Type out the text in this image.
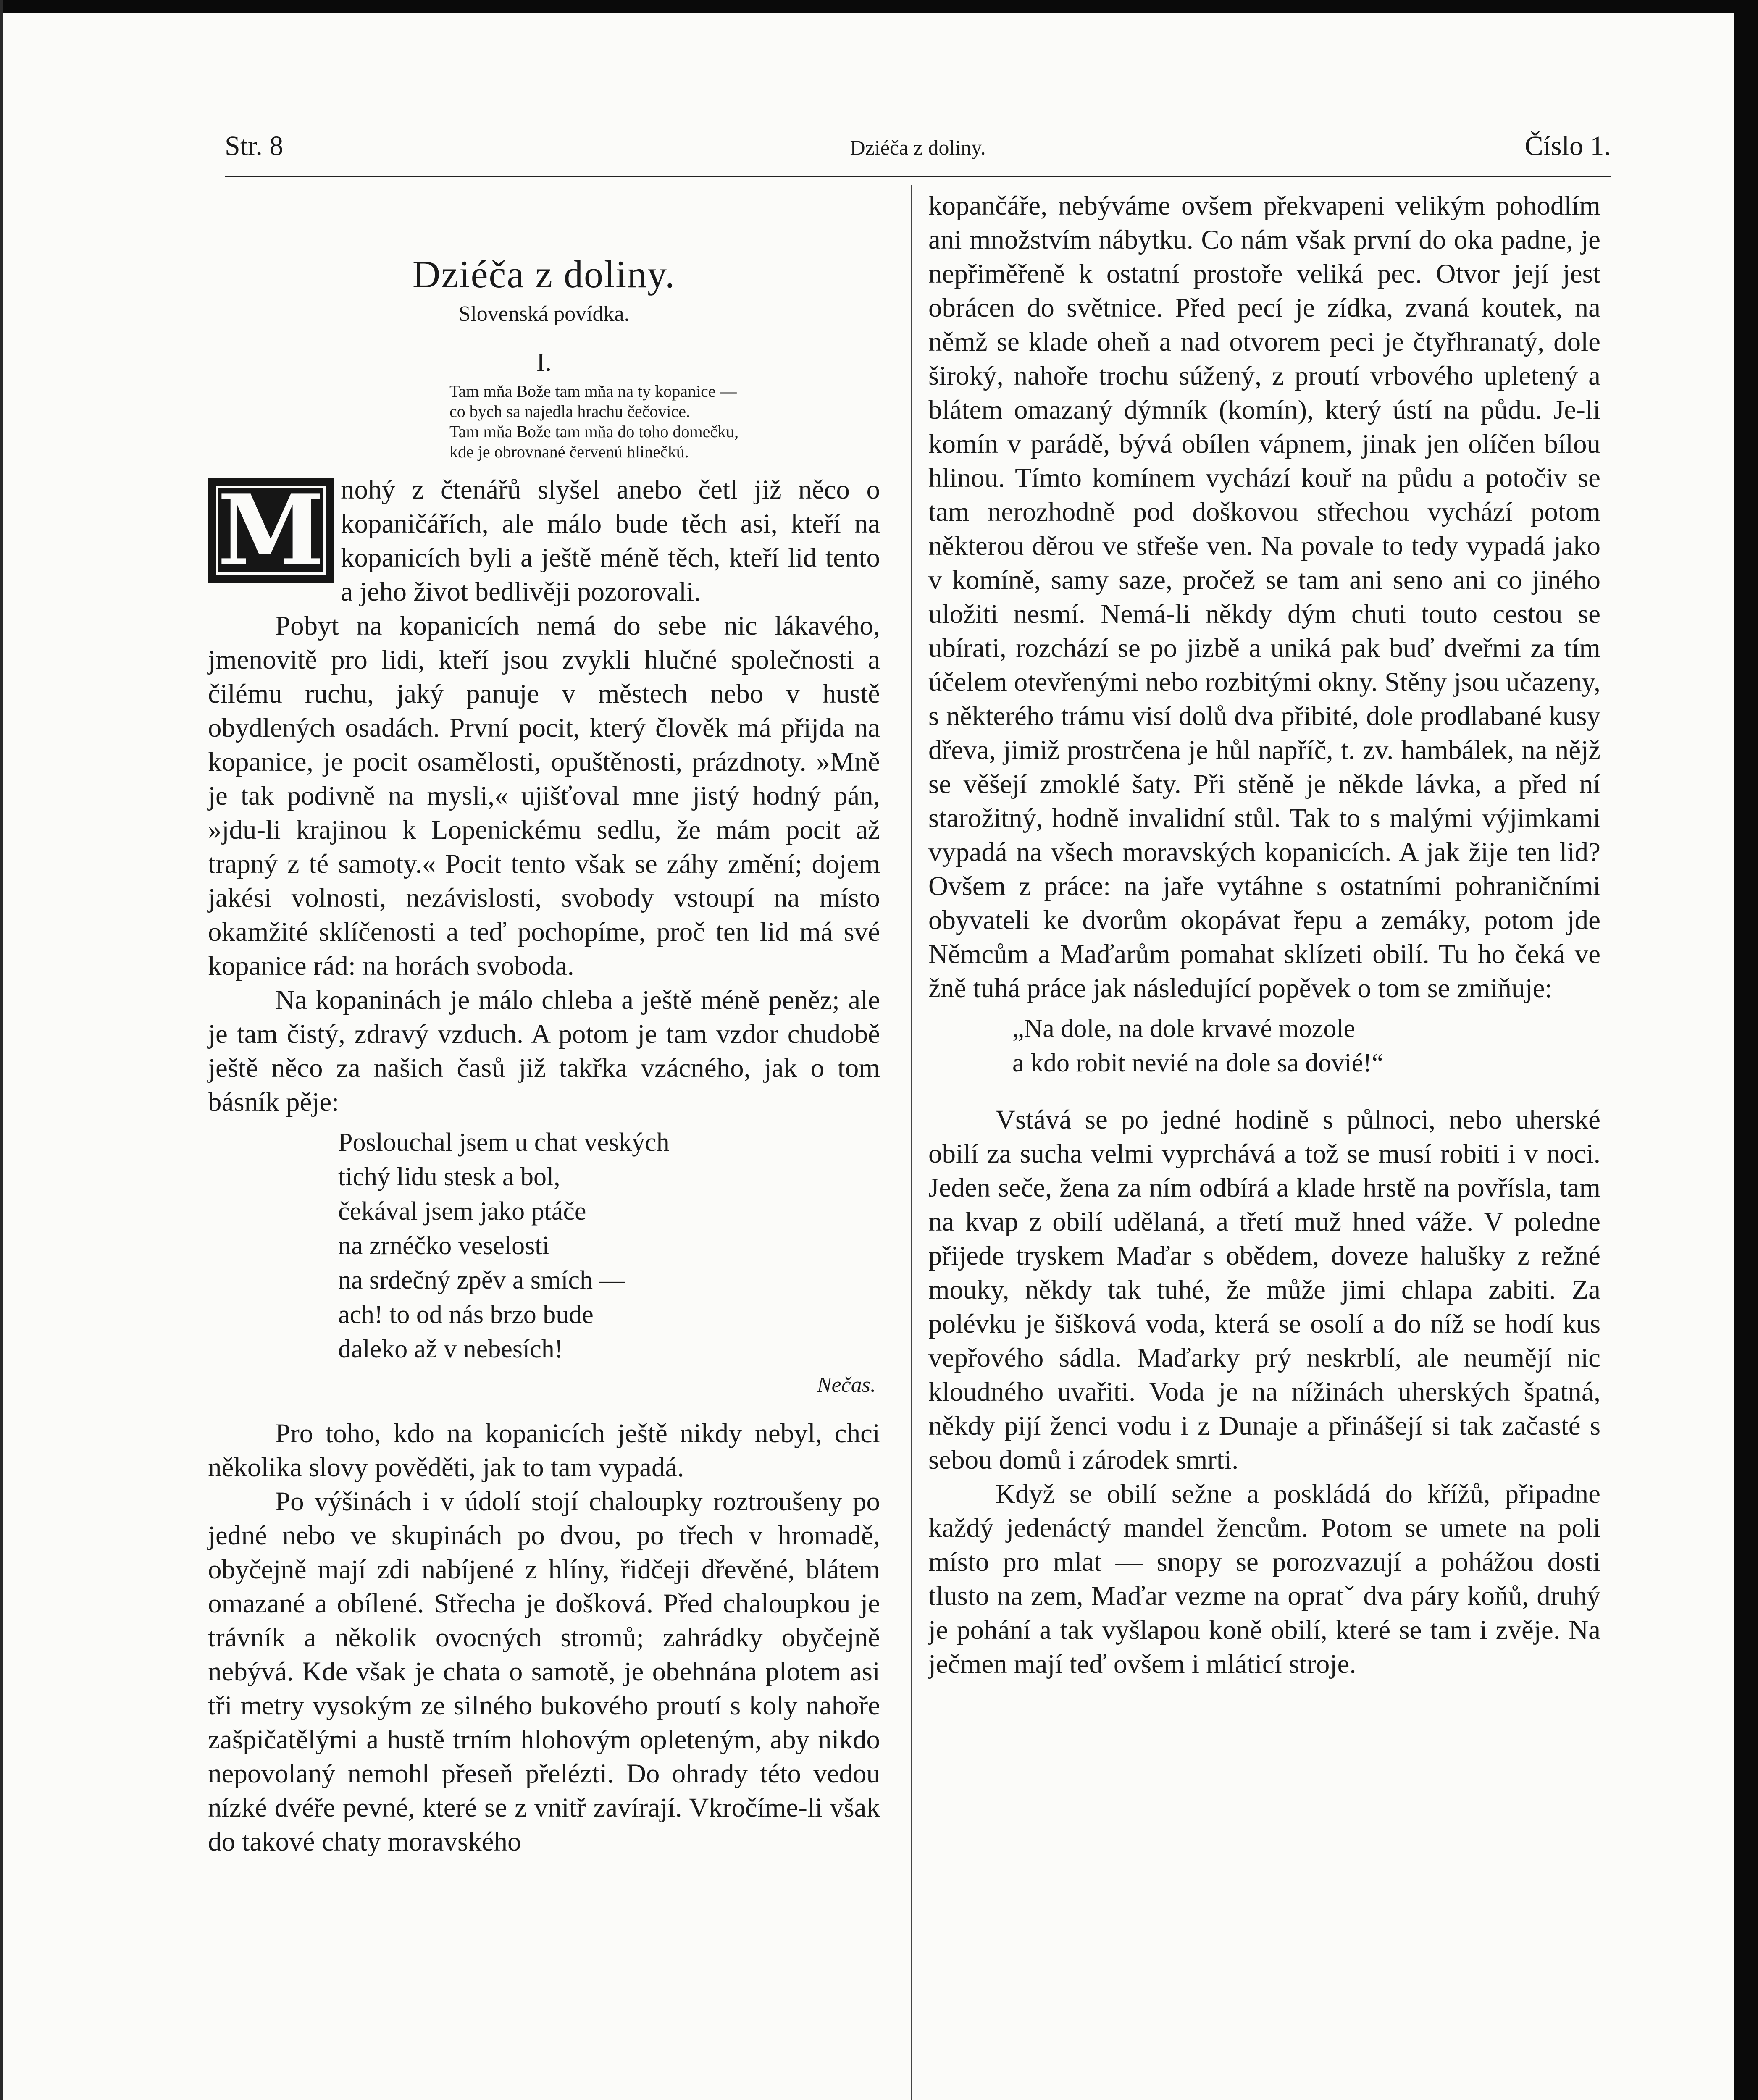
Str. 8	Dziéča z doliny.	Číslo 1.
Dziéča z doliny.
Slovenská povídka.
I.
Tam mňa Bože tam mňa na ty kopanice —
co bych sa najedla hrachu čečovice.
Tam mňa Bože tam mňa do toho domečku,
kde je obrovnané červenú hlinečkú.

M nohý z čtenářů slyšel anebo četl již něco o kopaničářích, ale málo bude těch asi, kteří na kopanicích byli a ještě méně těch, kteří lid tento a jeho život bedlivěji pozorovali.

Pobyt na kopanicích nemá do sebe nic lákavého, jmenovitě pro lidi, kteří jsou zvykli hlučné společnosti a čilému ruchu, jaký panuje v městech nebo v hustě obydlených osadách. První pocit, který člověk má přijda na kopanice, je pocit osamělosti, opuštěnosti, prázdnoty. »Mně je tak podivně na mysli,« ujišťoval mne jistý hodný pán, »jdu-li krajinou k Lopenickému sedlu, že mám pocit až trapný z té samoty.« Pocit tento však se záhy změní; dojem jakési volnosti, nezávislosti, svobody vstoupí na místo okamžité sklíčenosti a teď pochopíme, proč ten lid má své kopanice rád: na horách svoboda.

Na kopaninách je málo chleba a ještě méně peněz; ale je tam čistý, zdravý vzduch. A potom je tam vzdor chudobě ještě něco za našich časů již takřka vzácného, jak o tom básník pěje:

Poslouchal jsem u chat veských
tichý lidu stesk a bol,
čekával jsem jako ptáče
na zrnéčko veselosti
na srdečný zpěv a smích —
ach! to od nás brzo bude
daleko až v nebesích!
Nečas.

Pro toho, kdo na kopanicích ještě nikdy nebyl, chci několika slovy pověděti, jak to tam vypadá.

Po výšinách i v údolí stojí chaloupky roztroušeny po jedné nebo ve skupinách po dvou, po třech v hromadě, obyčejně mají zdi nabíjené z hlíny, řidčeji dřevěné, blátem omazané a obílené. Střecha je došková. Před chaloupkou je trávník a několik ovocných stromů; zahrádky obyčejně nebývá. Kde však je chata o samotě, je obehnána plotem asi tři metry vysokým ze silného bukového proutí s koly nahoře zašpičatělými a hustě trním hlohovým opleteným, aby nikdo nepovolaný nemohl přeseň přelézti. Do ohrady této vedou nízké dvéře pevné, které se z vnitř zavírají. Vkročíme-li však do takové chaty moravského

kopančáře, nebýváme ovšem překvapeni velikým pohodlím ani množstvím nábytku. Co nám však první do oka padne, je nepřiměřeně k ostatní prostoře veliká pec. Otvor její jest obrácen do světnice. Před pecí je zídka, zvaná koutek, na němž se klade oheň a nad otvorem peci je čtyřhranatý, dole široký, nahoře trochu súžený, z proutí vrbového upletený a blátem omazaný dýmník (komín), který ústí na půdu. Je-li komín v parádě, bývá obílen vápnem, jinak jen olíčen bílou hlinou. Tímto komínem vychází kouř na půdu a potočiv se tam nerozhodně pod doškovou střechou vychází potom některou děrou ve střeše ven. Na povale to tedy vypadá jako v komíně, samy saze, pročež se tam ani seno ani co jiného uložiti nesmí. Nemá-li někdy dým chuti touto cestou se ubírati, rozchází se po jizbě a uniká pak buď dveřmi za tím účelem otevřenými nebo rozbitými okny. Stěny jsou učazeny, s některého trámu visí dolů dva přibité, dole prodlabané kusy dřeva, jimiž prostrčena je hůl napříč, t. zv. hambálek, na nějž se věšejí zmoklé šaty. Při stěně je někde lávka, a před ní starožitný, hodně invalidní stůl. Tak to s malými výjimkami vypadá na všech moravských kopanicích. A jak žije ten lid? Ovšem z práce: na jaře vytáhne s ostatními pohraničními obyvateli ke dvorům okopávat řepu a zemáky, potom jde Němcům a Maďarům pomahat sklízeti obilí. Tu ho čeká ve žně tuhá práce jak následující popěvek o tom se zmiňuje:

„Na dole, na dole krvavé mozole
a kdo robit nevié na dole sa dovié!“

Vstává se po jedné hodině s půlnoci, nebo uherské obilí za sucha velmi vyprchává a tož se musí robiti i v noci. Jeden seče, žena za ním odbírá a klade hrstě na povřísla, tam na kvap z obilí udělaná, a třetí muž hned váže. V poledne přijede tryskem Maďar s obědem, doveze halušky z režné mouky, někdy tak tuhé, že může jimi chlapa zabiti. Za polévku je šišková voda, která se osolí a do níž se hodí kus vepřového sádla. Maďarky prý neskrblí, ale neumějí nic kloudného uvařiti. Voda je na nížinách uherských špatná, někdy pijí ženci vodu i z Dunaje a přinášejí si tak začasté s sebou domů i zárodek smrti.

Když se obilí sežne a poskládá do křížů, připadne každý jedenáctý mandel žencům. Potom se umete na poli místo pro mlat — snopy se porozvazují a pohážou dosti tlusto na zem, Maďar vezme na opratˇ dva páry koňů, druhý je pohání a tak vyšlapou koně obilí, které se tam i zvěje. Na ječmen mají teď ovšem i mláticí stroje.
